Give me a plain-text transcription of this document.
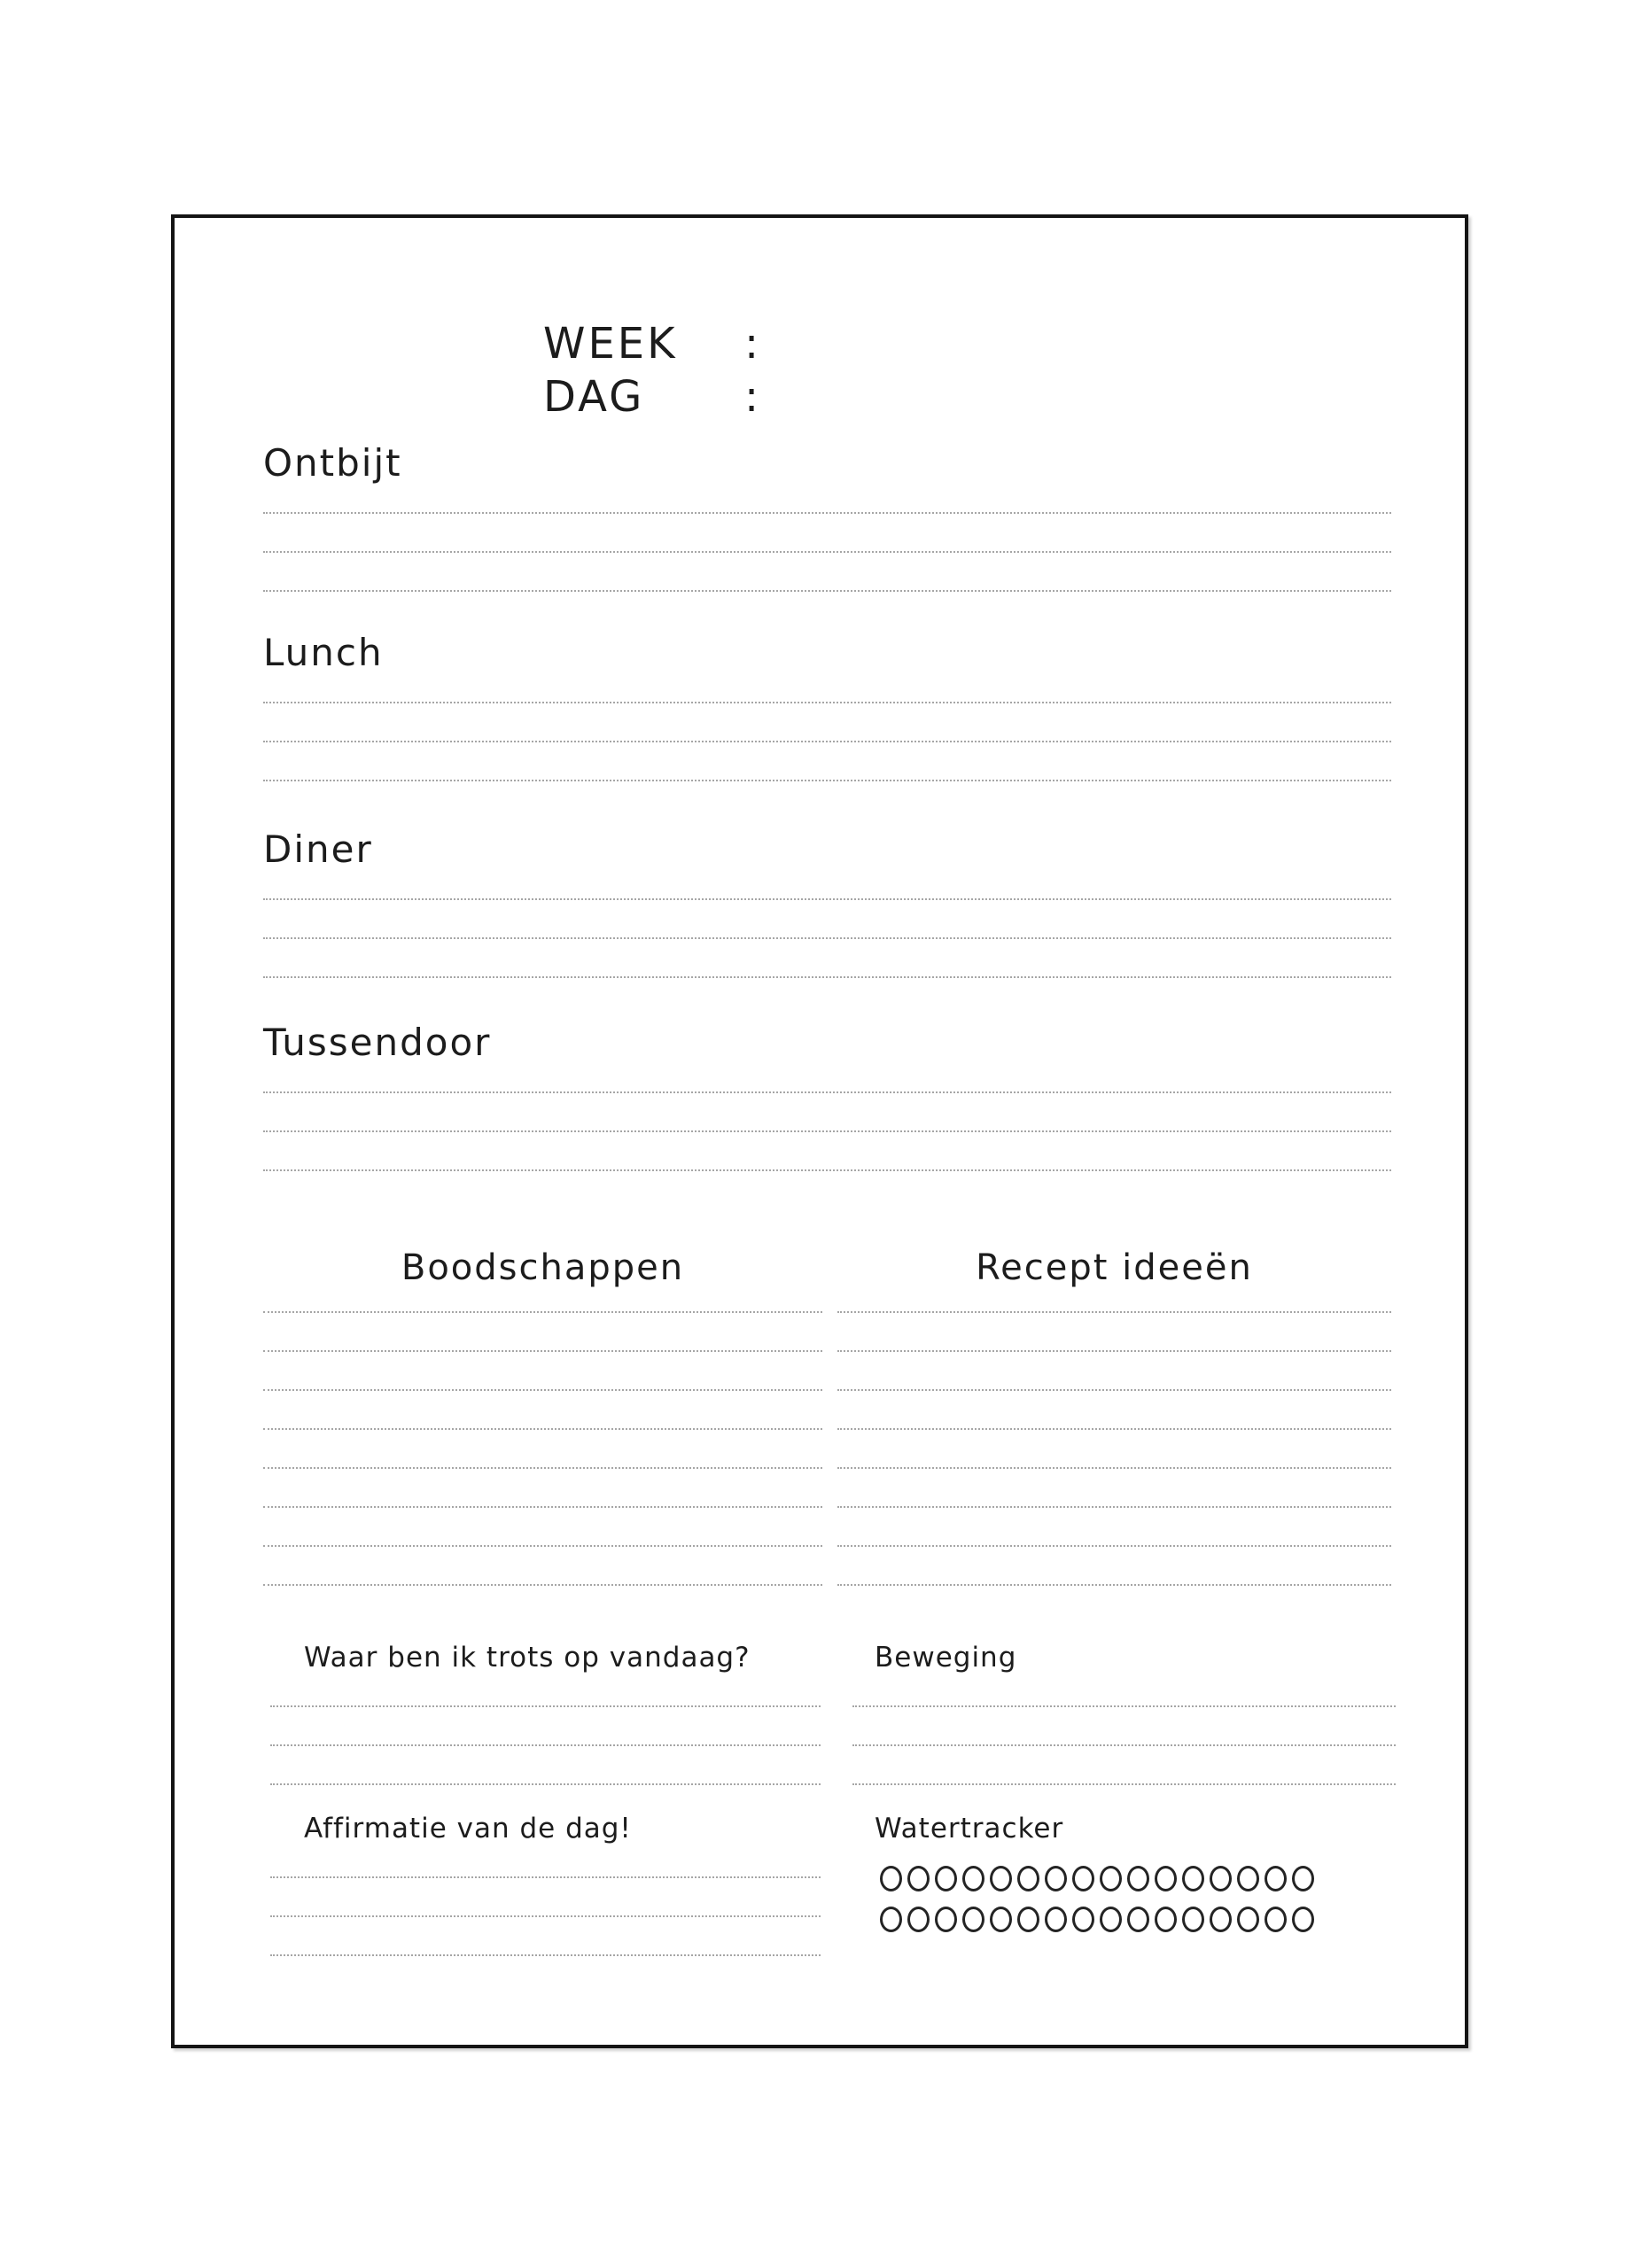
WEEK	:
DAG	:
Ontbijt
Lunch
Diner
Tussendoor
Boodschappen	Recept ideeën
Waar ben ik trots op vandaag?
Affirmatie van de dag!
Beweging
Watertracker
